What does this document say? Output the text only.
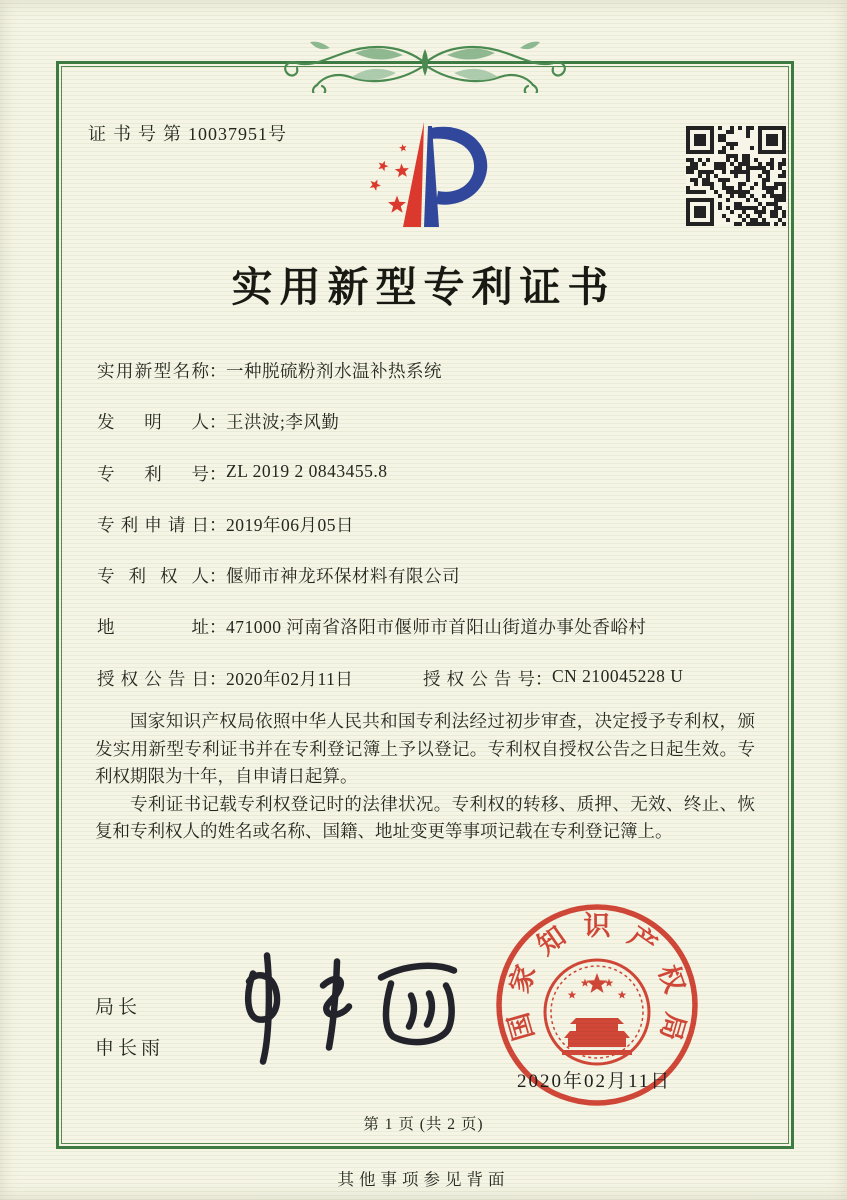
证书号第10037951号
实用新型专利证书
实用新型名称：一种脱硫粉剂水温补热系统
发明人：王洪波;李风勤
专利号：ZL 2019 2 0843455.8
专利申请日：2019年06月05日
专利权人：偃师市神龙环保材料有限公司
地址：471000 河南省洛阳市偃师市首阳山街道办事处香峪村
授权公告日：2020年02月11日	授权公告号：CN 210045228 U

国家知识产权局依照中华人民共和国专利法经过初步审查，决定授予专利权，颁发实用新型专利证书并在专利登记簿上予以登记。专利权自授权公告之日起生效。专利权期限为十年，自申请日起算。

专利证书记载专利权登记时的法律状况。专利权的转移、质押、无效、终止、恢复和专利权人的姓名或名称、国籍、地址变更等事项记载在专利登记簿上。

局长
申长雨
国
家
知 识 产
权
局
2020年02月11日
第 1 页 (共 2 页)
其他事项参见背面
